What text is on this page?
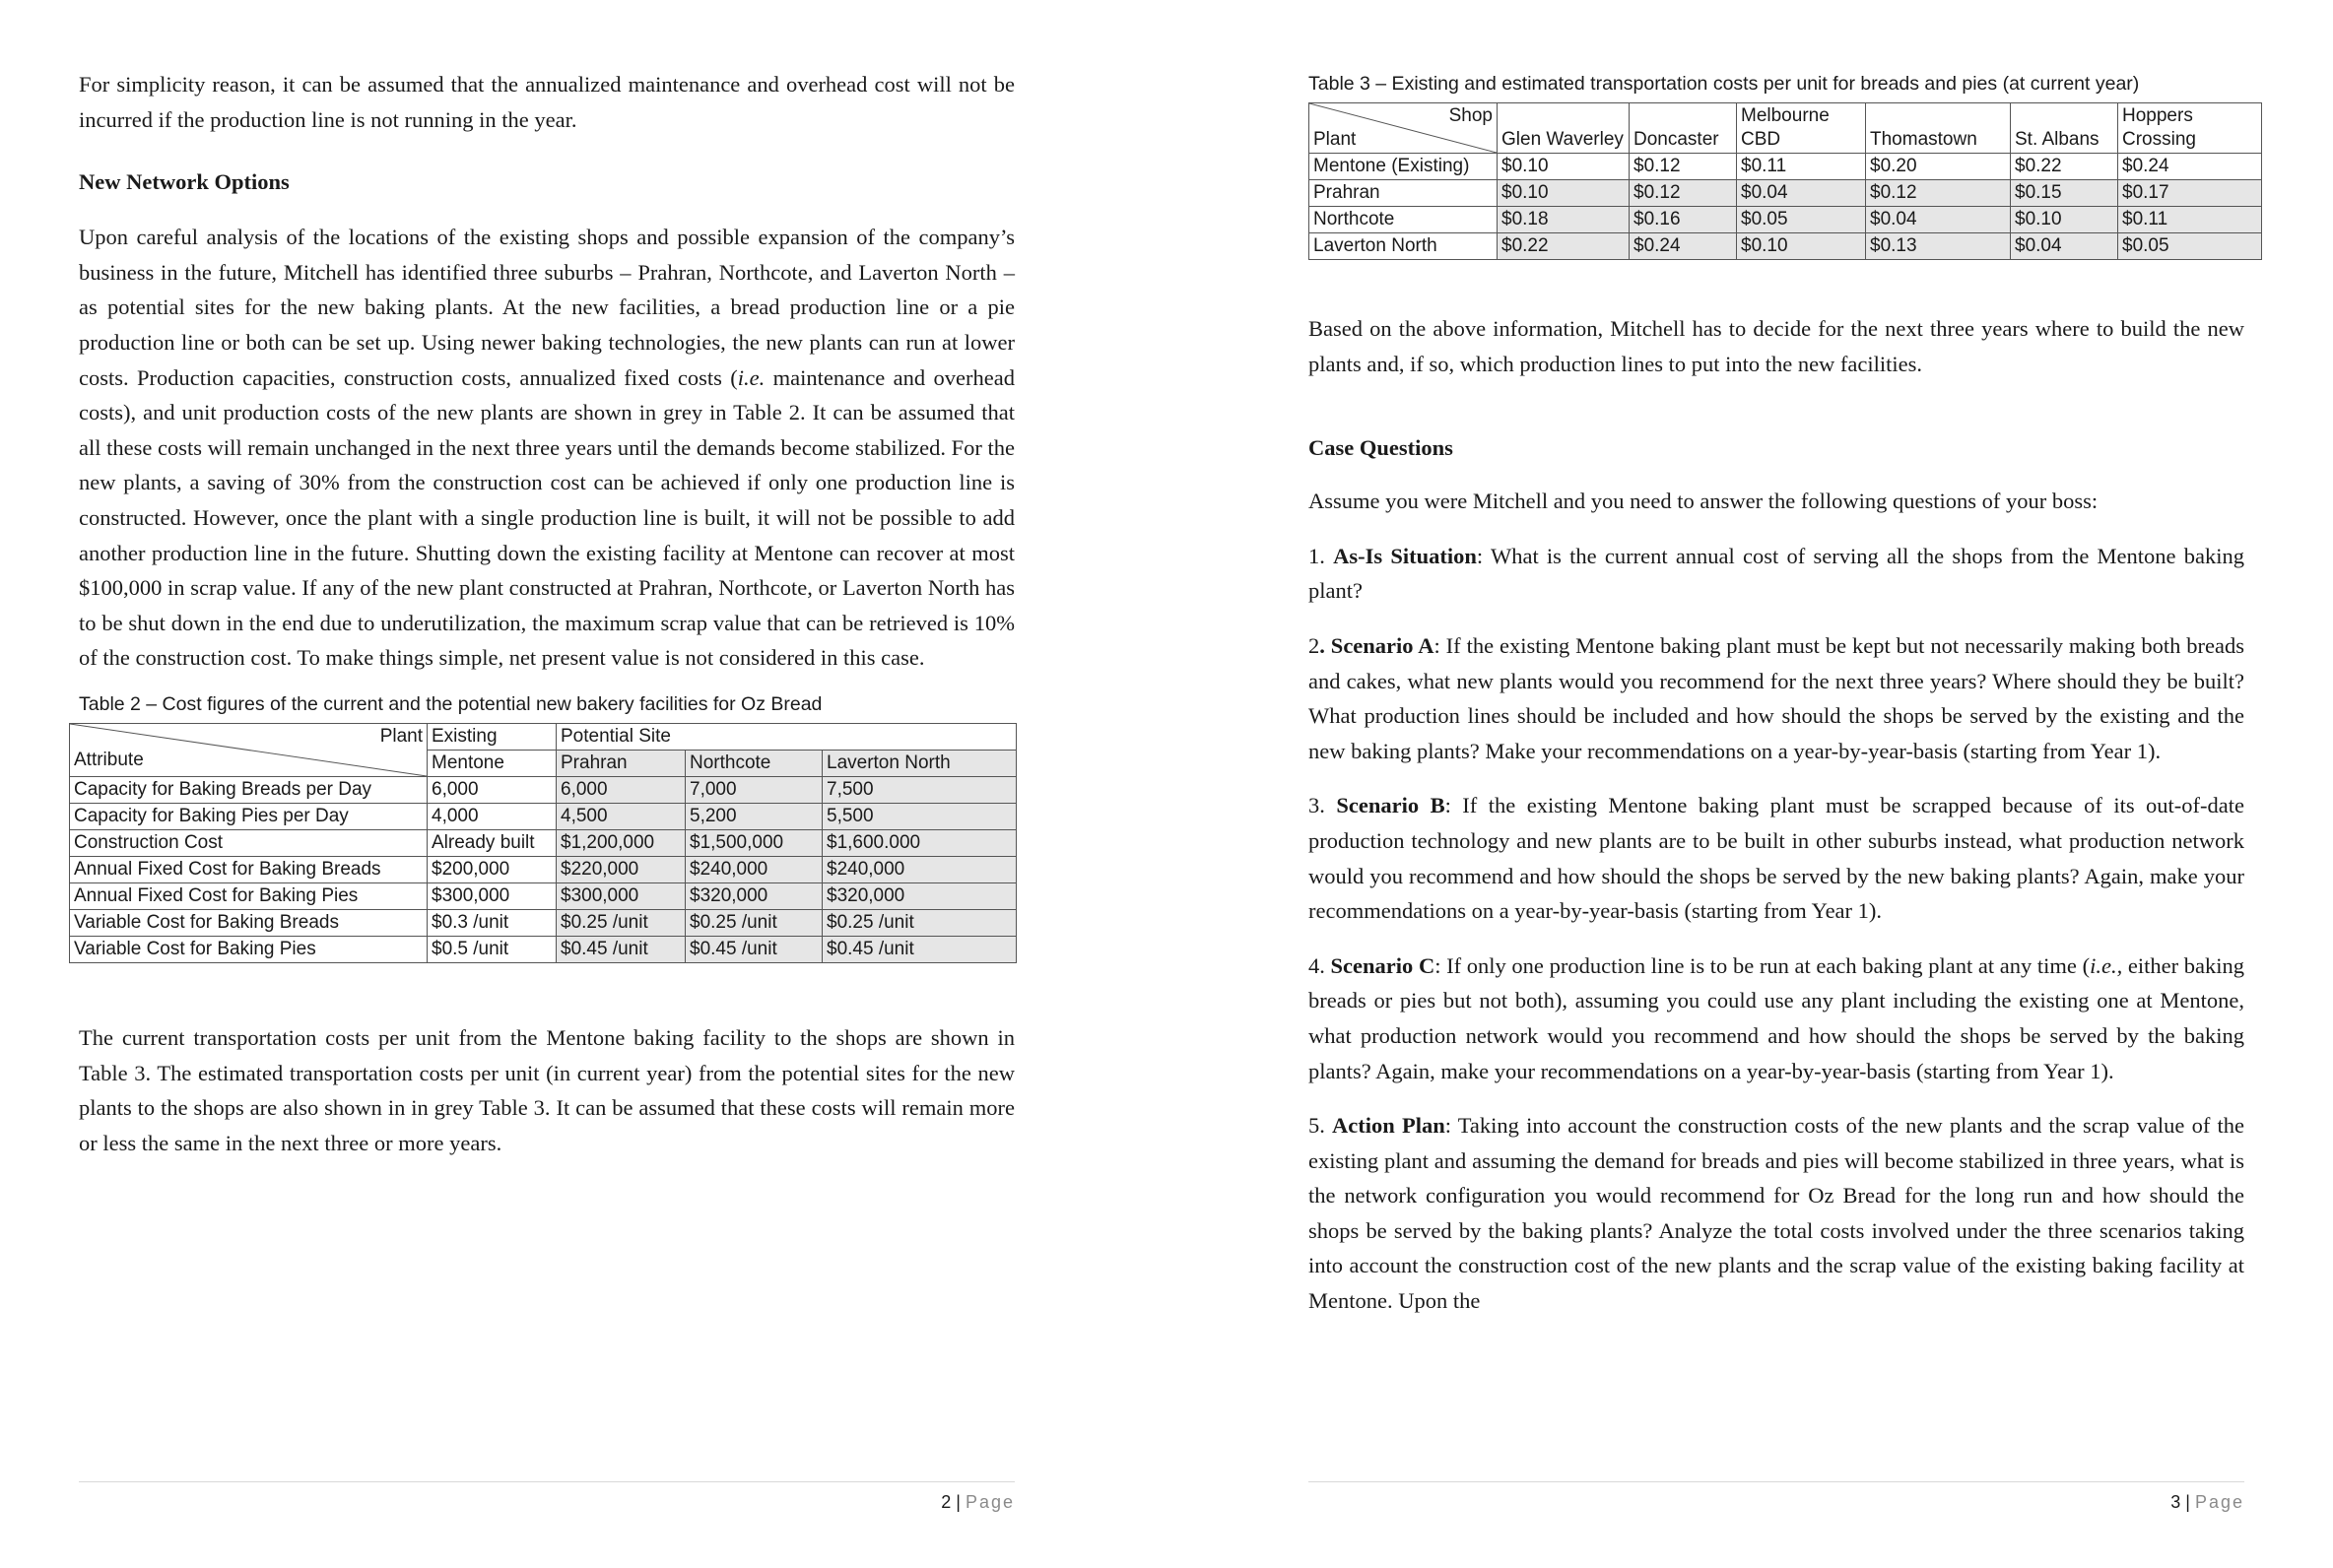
For simplicity reason, it can be assumed that the annualized maintenance and overhead cost will not be incurred if the production line is not running in the year.

New Network Options

Upon careful analysis of the locations of the existing shops and possible expansion of the company’s business in the future, Mitchell has identified three suburbs – Prahran, Northcote, and Laverton North – as potential sites for the new baking plants. At the new facilities, a bread production line or a pie production line or both can be set up. Using newer baking technologies, the new plants can run at lower costs. Production capacities, construction costs, annualized fixed costs (i.e. maintenance and overhead costs), and unit production costs of the new plants are shown in grey in Table 2. It can be assumed that all these costs will remain unchanged in the next three years until the demands become stabilized. For the new plants, a saving of 30% from the construction cost can be achieved if only one production line is constructed. However, once the plant with a single production line is built, it will not be possible to add another production line in the future. Shutting down the existing facility at Mentone can recover at most $100,000 in scrap value. If any of the new plant constructed at Prahran, Northcote, or Laverton North has to be shut down in the end due to underutilization, the maximum scrap value that can be retrieved is 10% of the construction cost. To make things simple, net present value is not considered in this case.

Table 2 – Cost figures of the current and the potential new bakery facilities for Oz Bread

Plant
Attribute	Existing	Potential Site		
	Mentone	Prahran	Northcote	Laverton North
Capacity for Baking Breads per Day	6,000	6,000	7,000	7,500
Capacity for Baking Pies per Day	4,000	4,500	5,200	5,500
Construction Cost	Already built	$1,200,000	$1,500,000	$1,600.000
Annual Fixed Cost for Baking Breads	$200,000	$220,000	$240,000	$240,000
Annual Fixed Cost for Baking Pies	$300,000	$300,000	$320,000	$320,000
Variable Cost for Baking Breads	$0.3 /unit	$0.25 /unit	$0.25 /unit	$0.25 /unit
Variable Cost for Baking Pies	$0.5 /unit	$0.45 /unit	$0.45 /unit	$0.45 /unit

The current transportation costs per unit from the Mentone baking facility to the shops are shown in Table 3. The estimated transportation costs per unit (in current year) from the potential sites for the new plants to the shops are also shown in in grey Table 3. It can be assumed that these costs will remain more or less the same in the next three or more years.

2 | Page

Table 3 – Existing and estimated transportation costs per unit for breads and pies (at current year)

Shop
Plant	Glen Waverley	Doncaster	Melbourne CBD	Thomastown	St. Albans	Hoppers Crossing
Mentone (Existing)	$0.10	$0.12	$0.11	$0.20	$0.22	$0.24
Prahran	$0.10	$0.12	$0.04	$0.12	$0.15	$0.17
Northcote	$0.18	$0.16	$0.05	$0.04	$0.10	$0.11
Laverton North	$0.22	$0.24	$0.10	$0.13	$0.04	$0.05

Based on the above information, Mitchell has to decide for the next three years where to build the new plants and, if so, which production lines to put into the new facilities.

Case Questions

Assume you were Mitchell and you need to answer the following questions of your boss:

1. As-Is Situation: What is the current annual cost of serving all the shops from the Mentone baking plant?

2. Scenario A: If the existing Mentone baking plant must be kept but not necessarily making both breads and cakes, what new plants would you recommend for the next three years? Where should they be built? What production lines should be included and how should the shops be served by the existing and the new baking plants? Make your recommendations on a year-by-year-basis (starting from Year 1).

3. Scenario B: If the existing Mentone baking plant must be scrapped because of its out-of-date production technology and new plants are to be built in other suburbs instead, what production network would you recommend and how should the shops be served by the new baking plants? Again, make your recommendations on a year-by-year-basis (starting from Year 1).

4. Scenario C: If only one production line is to be run at each baking plant at any time (i.e., either baking breads or pies but not both), assuming you could use any plant including the existing one at Mentone, what production network would you recommend and how should the shops be served by the baking plants? Again, make your recommendations on a year-by-year-basis (starting from Year 1).

5. Action Plan: Taking into account the construction costs of the new plants and the scrap value of the existing plant and assuming the demand for breads and pies will become stabilized in three years, what is the network configuration you would recommend for Oz Bread for the long run and how should the shops be served by the baking plants? Analyze the total costs involved under the three scenarios taking into account the construction cost of the new plants and the scrap value of the existing baking facility at Mentone. Upon the

3 | Page
